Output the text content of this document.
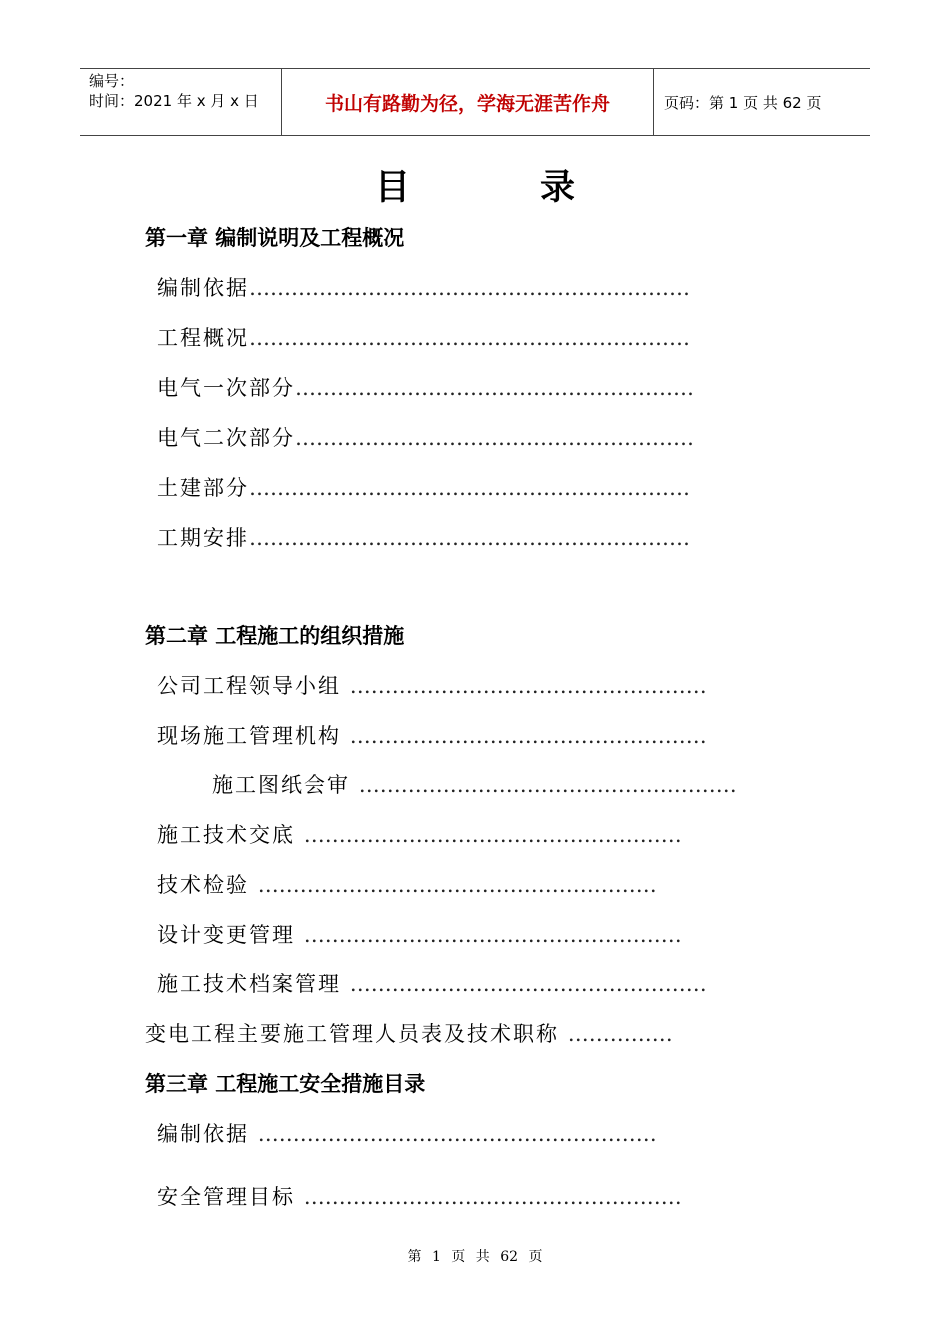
编号：
时间：2021 年 x 月 x 日	书山有路勤为径，学海无涯苦作舟	页码：第 1 页 共 62 页
目录
第一章 编制说明及工程概况
编制依据………………………………………………………
工程概况………………………………………………………
电气一次部分…………………………………………………
电气二次部分…………………………………………………
土建部分………………………………………………………
工期安排………………………………………………………
第二章 工程施工的组织措施
公司工程领导小组 ……………………………………………
现场施工管理机构 ……………………………………………
施工图纸会审 ………………………………………………
施工技术交底 ………………………………………………
技术检验 …………………………………………………
设计变更管理 ………………………………………………
施工技术档案管理 ……………………………………………
变电工程主要施工管理人员表及技术职称 ……………
第三章 工程施工安全措施目录
编制依据 …………………………………………………
安全管理目标 ………………………………………………
第 1 页 共 62 页
